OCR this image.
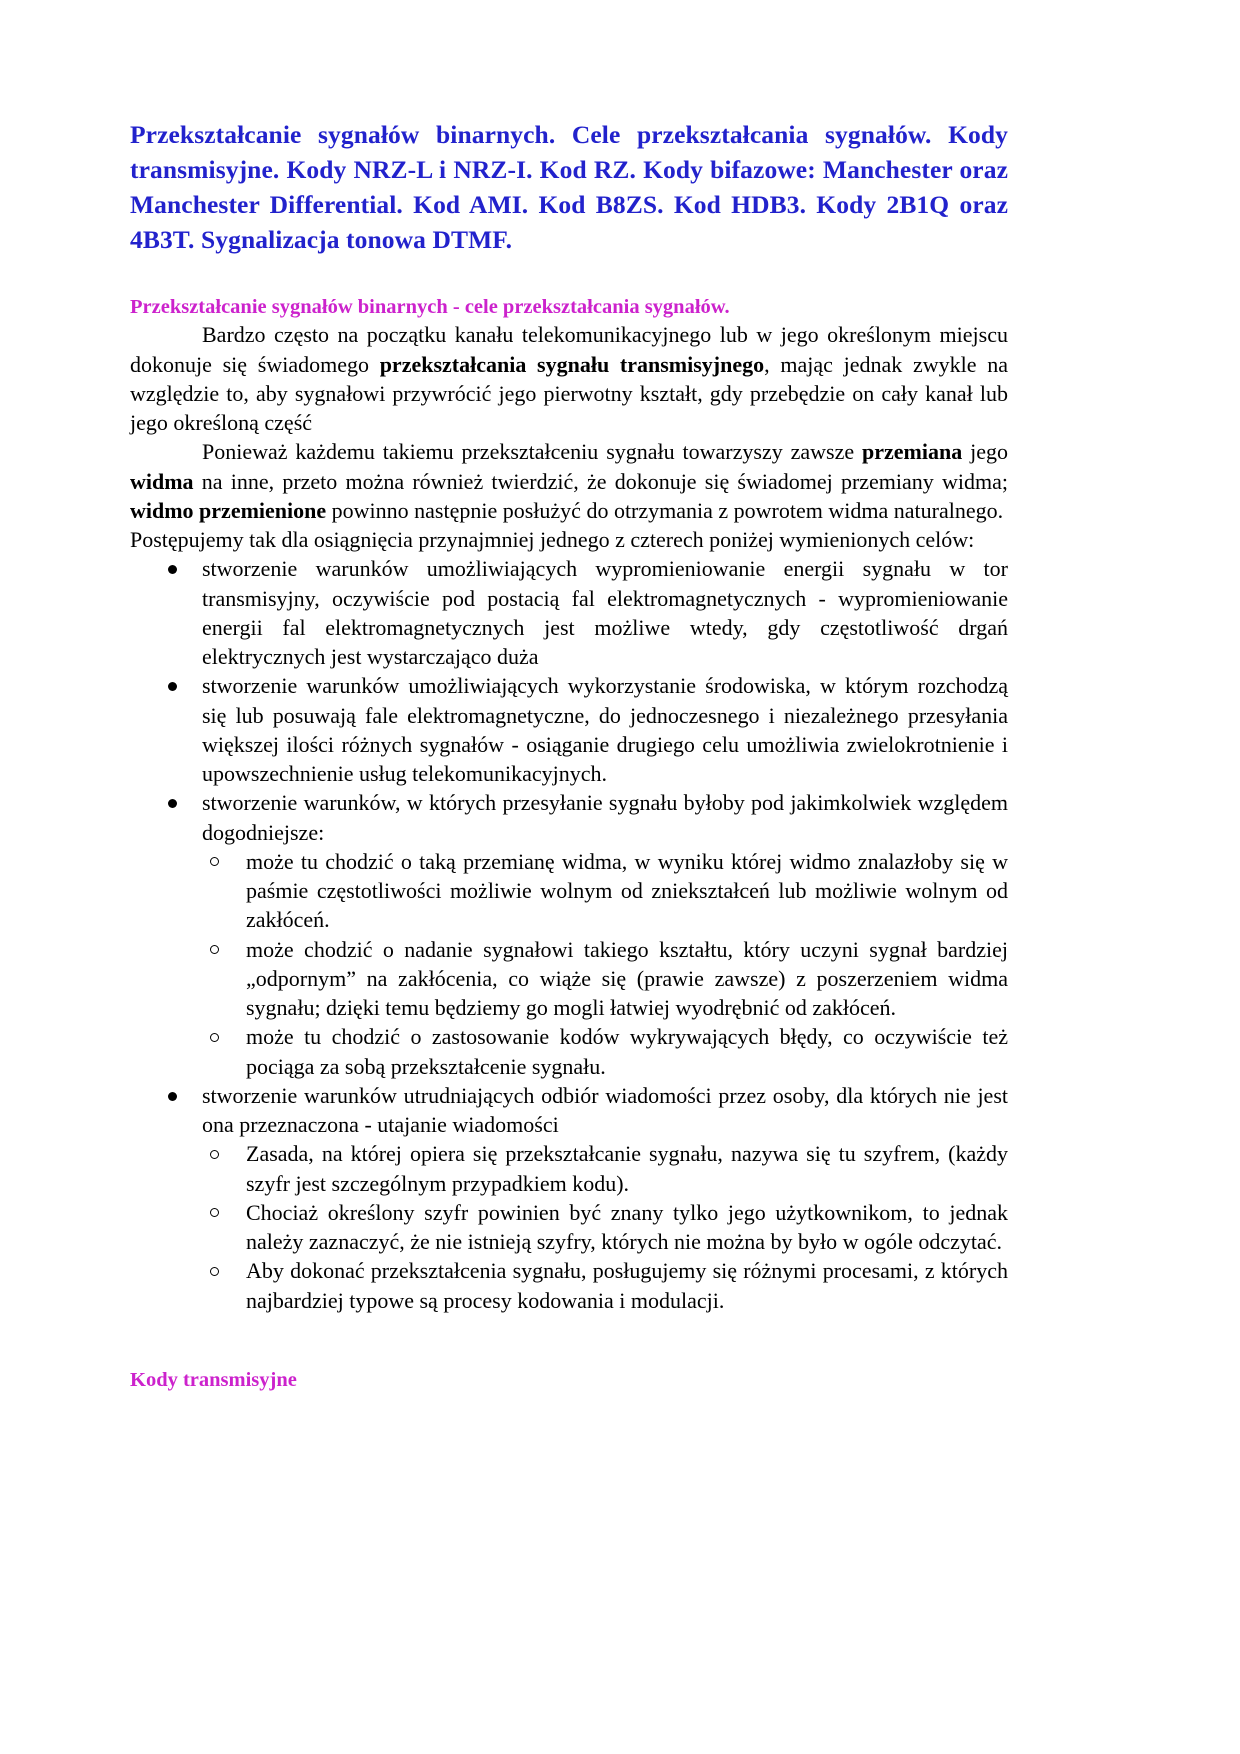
Przekształcanie sygnałów binarnych. Cele przekształcania sygnałów. Kody transmisyjne. Kody NRZ-L i NRZ-I. Kod RZ. Kody bifazowe: Manchester oraz Manchester Differential. Kod AMI. Kod B8ZS. Kod HDB3. Kody 2B1Q oraz 4B3T. Sygnalizacja tonowa DTMF.
Przekształcanie sygnałów binarnych - cele przekształcania sygnałów.

Bardzo często na początku kanału telekomunikacyjnego lub w jego określonym miejscu dokonuje się świadomego przekształcania sygnału transmisyjnego, mając jednak zwykle na względzie to, aby sygnałowi przywrócić jego pierwotny kształt, gdy przebędzie on cały kanał lub jego określoną część

Ponieważ każdemu takiemu przekształceniu sygnału towarzyszy zawsze przemiana jego widma na inne, przeto można również twierdzić, że dokonuje się świadomej przemiany widma; widmo przemienione powinno następnie posłużyć do otrzymania z powrotem widma naturalnego.

Postępujemy tak dla osiągnięcia przynajmniej jednego z czterech poniżej wymienionych celów:

stworzenie warunków umożliwiających wypromieniowanie energii sygnału w tor transmisyjny, oczywiście pod postacią fal elektromagnetycznych - wypromieniowanie energii fal elektromagnetycznych jest możliwe wtedy, gdy częstotliwość drgań elektrycznych jest wystarczająco duża
stworzenie warunków umożliwiających wykorzystanie środowiska, w którym rozchodzą się lub posuwają fale elektromagnetyczne, do jednoczesnego i niezależnego przesyłania większej ilości różnych sygnałów - osiąganie drugiego celu umożliwia zwielokrotnienie i upowszechnienie usług telekomunikacyjnych.
stworzenie warunków, w których przesyłanie sygnału byłoby pod jakimkolwiek względem dogodniejsze:
może tu chodzić o taką przemianę widma, w wyniku której widmo znalazłoby się w paśmie częstotliwości możliwie wolnym od zniekształceń lub możliwie wolnym od zakłóceń.
może chodzić o nadanie sygnałowi takiego kształtu, który uczyni sygnał bardziej „odpornym” na zakłócenia, co wiąże się (prawie zawsze) z poszerzeniem widma sygnału; dzięki temu będziemy go mogli łatwiej wyodrębnić od zakłóceń.
może tu chodzić o zastosowanie kodów wykrywających błędy, co oczywiście też pociąga za sobą przekształcenie sygnału.
stworzenie warunków utrudniających odbiór wiadomości przez osoby, dla których nie jest ona przeznaczona - utajanie wiadomości
Zasada, na której opiera się przekształcanie sygnału, nazywa się tu szyfrem, (każdy szyfr jest szczególnym przypadkiem kodu).
Chociaż określony szyfr powinien być znany tylko jego użytkownikom, to jednak należy zaznaczyć, że nie istnieją szyfry, których nie można by było w ogóle odczytać.
Aby dokonać przekształcenia sygnału, posługujemy się różnymi procesami, z których najbardziej typowe są procesy kodowania i modulacji.
Kody transmisyjne
